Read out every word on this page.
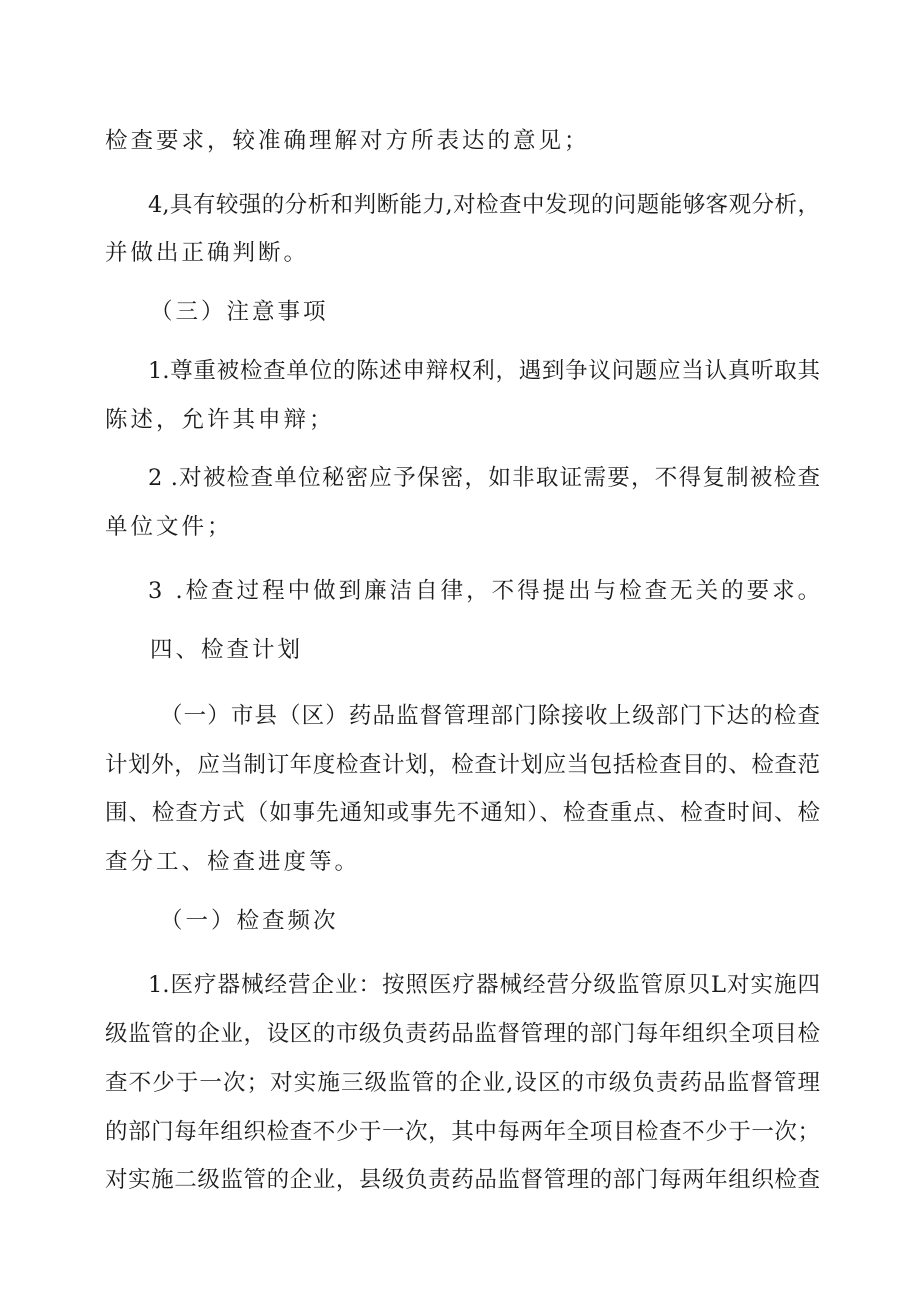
检查要求，较准确理解对方所表达的意见；
4,具有较强的分析和判断能力,对检查中发现的问题能够客观分析，
并做出正确判断。
（三）注意事项
1.尊重被检查单位的陈述申辩权利，遇到争议问题应当认真听取其
陈述，允许其申辩；
2 .对被检查单位秘密应予保密，如非取证需要，不得复制被检查
单位文件；
3 .检查过程中做到廉洁自律，不得提出与检查无关的要求。
四、检查计划
（一）市县（区）药品监督管理部门除接收上级部门下达的检查
计划外，应当制订年度检查计划，检查计划应当包括检查目的、检查范
围、检查方式（如事先通知或事先不通知）、检查重点、检查时间、检
查分工、检查进度等。
（一）检查频次
1.医疗器械经营企业：按照医疗器械经营分级监管原贝L对实施四
级监管的企业，设区的市级负责药品监督管理的部门每年组织全项目检
查不少于一次；对实施三级监管的企业,设区的市级负责药品监督管理
的部门每年组织检查不少于一次，其中每两年全项目检查不少于一次；
对实施二级监管的企业，县级负责药品监督管理的部门每两年组织检查
